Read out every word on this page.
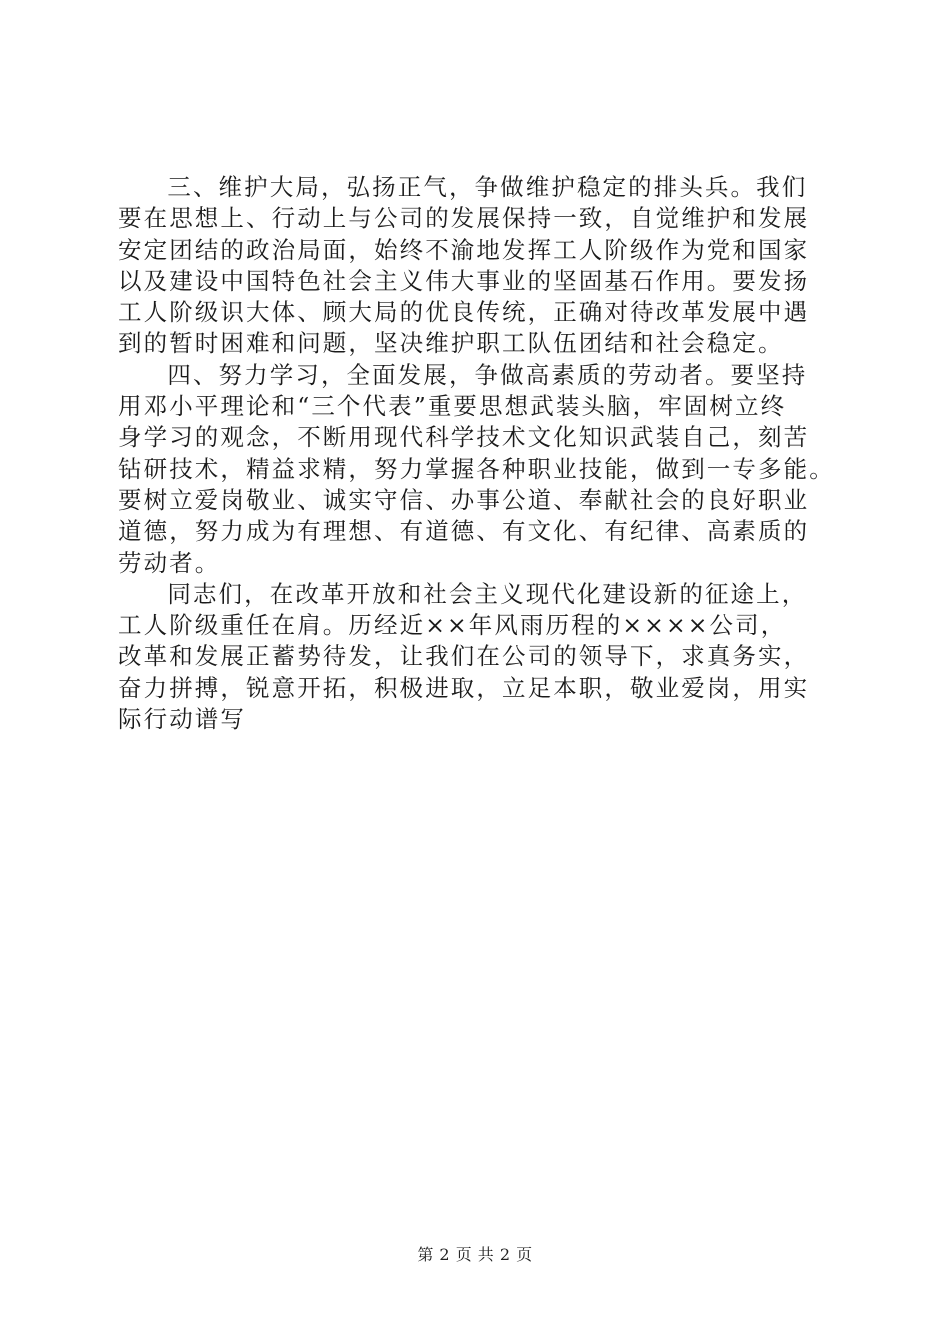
三、维护大局，弘扬正气，争做维护稳定的排头兵。我们
要在思想上、行动上与公司的发展保持一致，自觉维护和发展
安定团结的政治局面，始终不渝地发挥工人阶级作为党和国家
以及建设中国特色社会主义伟大事业的坚固基石作用。要发扬
工人阶级识大体、顾大局的优良传统，正确对待改革发展中遇
到的暂时困难和问题，坚决维护职工队伍团结和社会稳定。

四、努力学习，全面发展，争做高素质的劳动者。要坚持
用邓小平理论和“三个代表”重要思想武装头脑，牢固树立终
身学习的观念，不断用现代科学技术文化知识武装自己，刻苦
钻研技术，精益求精，努力掌握各种职业技能，做到一专多能。
要树立爱岗敬业、诚实守信、办事公道、奉献社会的良好职业
道德，努力成为有理想、有道德、有文化、有纪律、高素质的
劳动者。

同志们，在改革开放和社会主义现代化建设新的征途上，
工人阶级重任在肩。历经近××年风雨历程的××××公司，
改革和发展正蓄势待发，让我们在公司的领导下，求真务实，
奋力拼搏，锐意开拓，积极进取，立足本职，敬业爱岗，用实
际行动谱写

第 2 页 共 2 页
